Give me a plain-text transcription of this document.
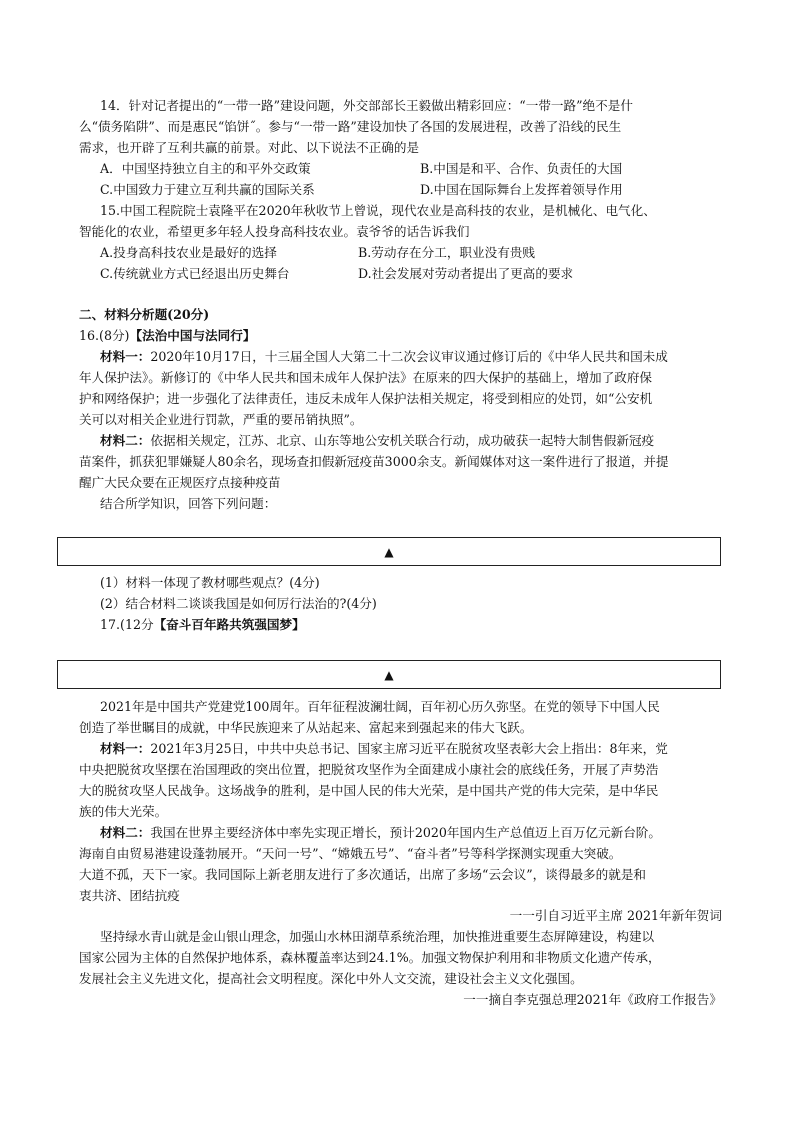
14．针对记者提出的“一带一路”建设问题，外交部部长王毅做出精彩回应：“一带一路”绝不是什
么“债务陷阱”、而是惠民“馅饼˝。参与“一带一路”建设加快了各国的发展进程，改善了沿线的民生
需求，也开辟了互利共赢的前景。对此、以下说法不正确的是
A．中国坚持独立自主的和平外交政策	B.中国是和平、合作、负责任的大国
C.中国致力于建立互利共赢的国际关系	D.中国在国际舞台上发挥着领导作用
15.中国工程院院士袁隆平在2020年秋收节上曾说，现代农业是高科技的农业，是机械化、电气化、
智能化的农业，希望更多年轻人投身高科技农业。袁爷爷的话告诉我们
A.投身高科技农业是最好的选择	B.劳动存在分工，职业没有贵贱
C.传统就业方式已经退出历史舞台	D.社会发展对劳动者提出了更高的要求
二、材料分析题(20分)
16.(8分)【法治中国与法同行】
材料一：2020年10月17日，十三届全国人大第二十二次会议审议通过修订后的《中华人民共和国未成
年人保护法》。新修订的《中华人民共和国未成年人保护法》在原来的四大保护的基础上，增加了政府保
护和网络保护；进一步强化了法律责任，违反未成年人保护法相关规定，将受到相应的处罚，如“公安机
关可以对相关企业进行罚款，严重的要吊销执照”。
材料二：依据相关规定，江苏、北京、山东等地公安机关联合行动，成功破获一起特大制售假新冠疫
苗案件，抓获犯罪嫌疑人80余名，现场查扣假新冠疫苗3000余支。新闻媒体对这一案件进行了报道，并提
醒广大民众要在正规医疗点接种疫苗
结合所学知识，回答下列问题：
▲
(1）材料一体现了教材哪些观点？(4分)
(2）结合材料二谈谈我国是如何厉行法治的?(4分)
17.(12分【奋斗百年路共筑强国梦】
▲
2021年是中国共产党建党100周年。百年征程波澜壮阔，百年初心历久弥坚。在党的领导下中国人民
创造了举世瞩目的成就，中华民族迎来了从站起来、富起来到强起来的伟大飞跃。
材料一：2021年3月25日，中共中央总书记、国家主席习近平在脱贫攻坚表彰大会上指出：8年来，党
中央把脱贫攻坚摆在治国理政的突出位置，把脱贫攻坚作为全面建成小康社会的底线任务，开展了声势浩
大的脱贫攻坚人民战争。这场战争的胜利，是中国人民的伟大光荣，是中国共产党的伟大完荣，是中华民
族的伟大光荣。
材料二：我国在世界主要经济体中率先实现正增长，预计2020年国内生产总值迈上百万亿元新台阶。
海南自由贸易港建设蓬勃展开。“天问一号”、“嫦娥五号”、“奋斗者”号等科学探测实现重大突破。
大道不孤，天下一家。我同国际上新老朋友进行了多次通话，出席了多场“云会议”，谈得最多的就是和
衷共济、团结抗疫
一一引自习近平主席 2021年新年贺词
坚持绿水青山就是金山银山理念，加强山水林田湖草系统治理，加快推进重要生态屏障建设，构建以
国家公园为主体的自然保护地体系，森林覆盖率达到24.1%。加强文物保护利用和非物质文化遗产传承，
发展社会主义先进文化，提高社会文明程度。深化中外人文交流，建设社会主义文化强国。
一一摘自李克强总理2021年《政府工作报告》
